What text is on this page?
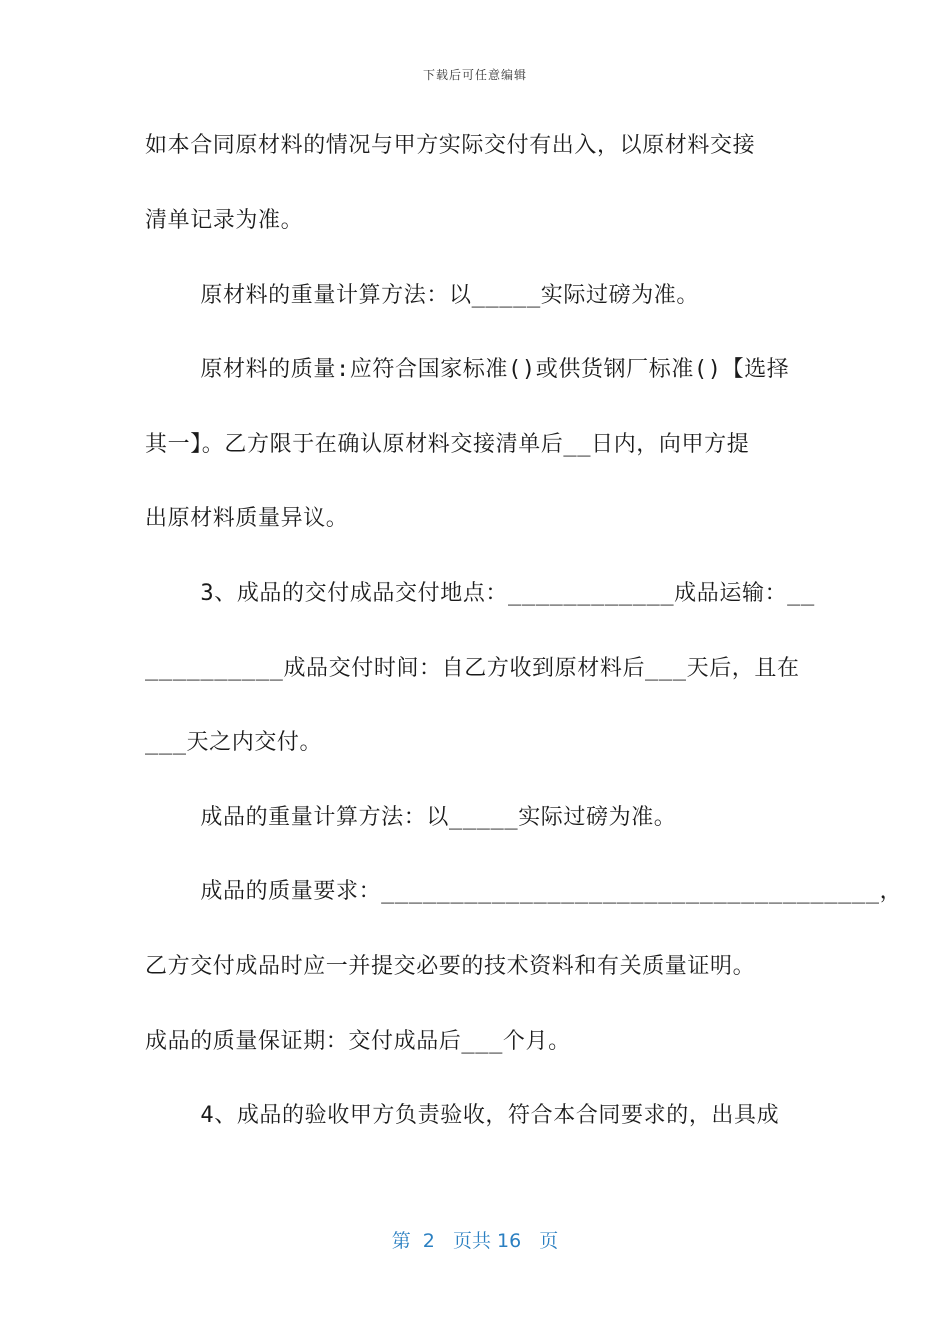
下载后可任意编辑
如本合同原材料的情况与甲方实际交付有出入，以原材料交接
清单记录为准。
原材料的重量计算方法：以_____实际过磅为准。
原材料的质量:应符合国家标准()或供货钢厂标准()【选择
其一】。乙方限于在确认原材料交接清单后__日内，向甲方提
出原材料质量异议。
3、成品的交付成品交付地点：____________成品运输：__
__________成品交付时间：自乙方收到原材料后___天后，且在
___天之内交付。
成品的重量计算方法：以_____实际过磅为准。
成品的质量要求：____________________________________，
乙方交付成品时应一并提交必要的技术资料和有关质量证明。
成品的质量保证期：交付成品后___个月。
4、成品的验收甲方负责验收，符合本合同要求的，出具成
第  2   页共 16   页
